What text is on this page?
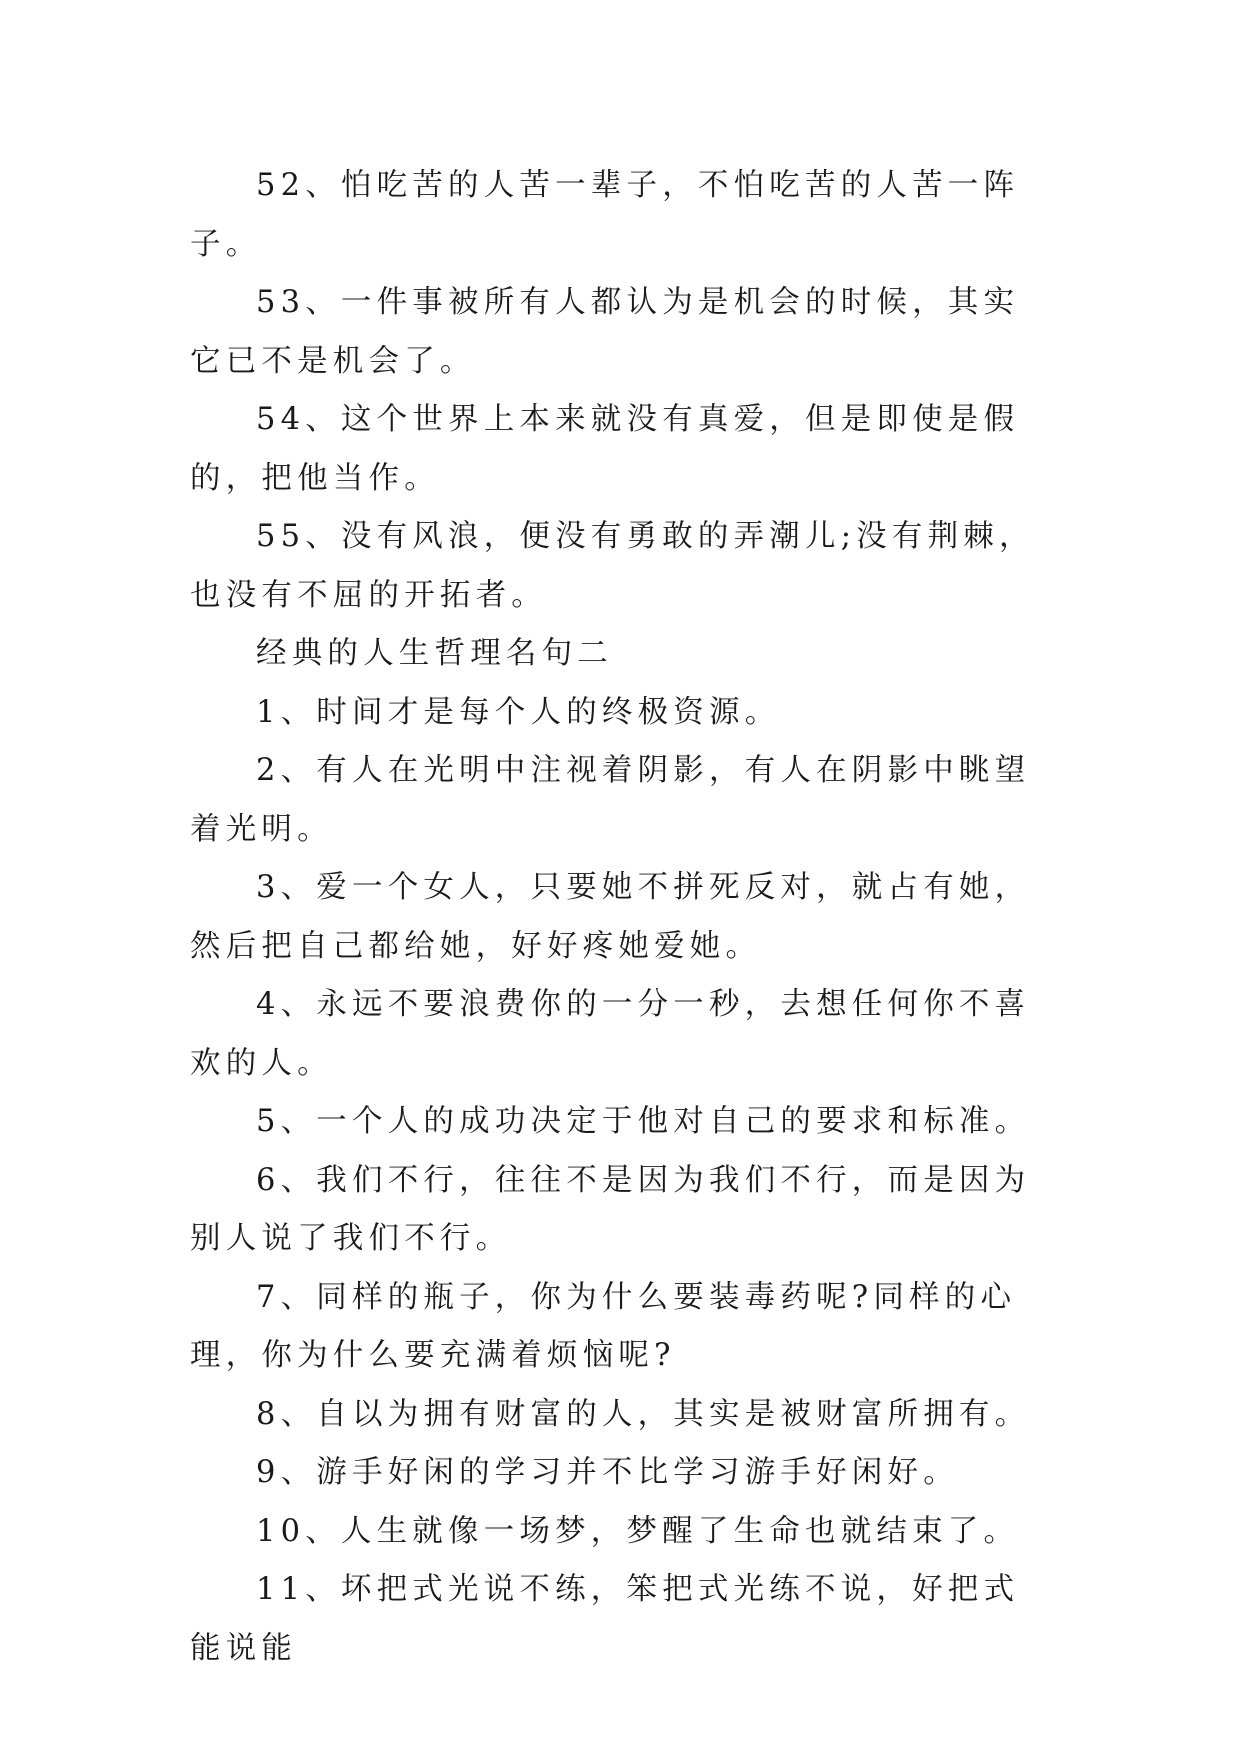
52、怕吃苦的人苦一辈子，不怕吃苦的人苦一阵子。

53、一件事被所有人都认为是机会的时候，其实它已不是机会了。

54、这个世界上本来就没有真爱，但是即使是假的，把他当作。

55、没有风浪，便没有勇敢的弄潮儿;没有荆棘，也没有不屈的开拓者。

经典的人生哲理名句二

1、时间才是每个人的终极资源。

2、有人在光明中注视着阴影，有人在阴影中眺望着光明。

3、爱一个女人，只要她不拼死反对，就占有她，然后把自己都给她，好好疼她爱她。

4、永远不要浪费你的一分一秒，去想任何你不喜欢的人。

5、一个人的成功决定于他对自己的要求和标准。

6、我们不行，往往不是因为我们不行，而是因为别人说了我们不行。

7、同样的瓶子，你为什么要装毒药呢?同样的心理，你为什么要充满着烦恼呢?

8、自以为拥有财富的人，其实是被财富所拥有。

9、游手好闲的学习并不比学习游手好闲好。

10、人生就像一场梦，梦醒了生命也就结束了。

11、坏把式光说不练，笨把式光练不说，好把式能说能
